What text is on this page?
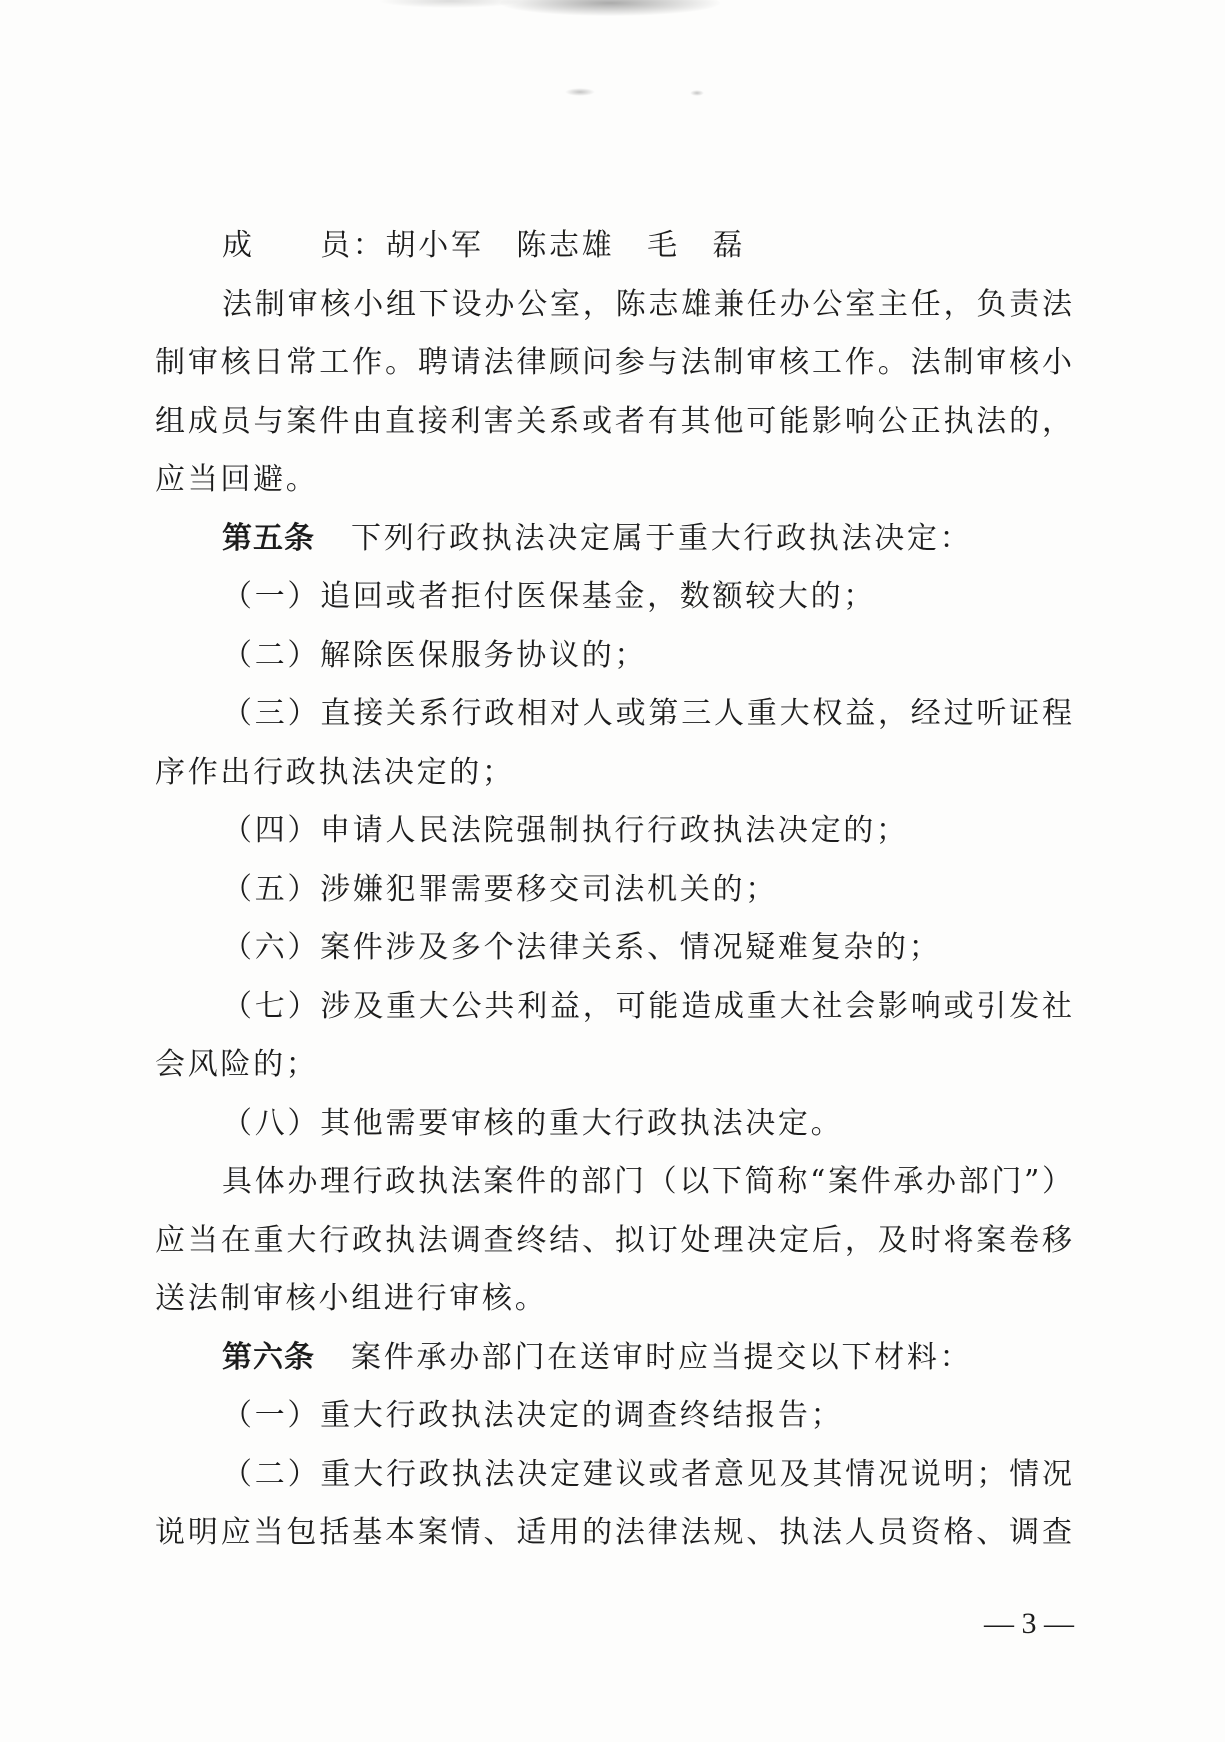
成　　员：胡小军　陈志雄　毛　磊
法制审核小组下设办公室，陈志雄兼任办公室主任，负责法
制审核日常工作。聘请法律顾问参与法制审核工作。法制审核小
组成员与案件由直接利害关系或者有其他可能影响公正执法的，
应当回避。
第五条 下列行政执法决定属于重大行政执法决定：
（一）追回或者拒付医保基金，数额较大的；
（二）解除医保服务协议的；
（三）直接关系行政相对人或第三人重大权益，经过听证程
序作出行政执法决定的；
（四）申请人民法院强制执行行政执法决定的；
（五）涉嫌犯罪需要移交司法机关的；
（六）案件涉及多个法律关系、情况疑难复杂的；
（七）涉及重大公共利益，可能造成重大社会影响或引发社
会风险的；
（八）其他需要审核的重大行政执法决定。
具体办理行政执法案件的部门（以下简称“案件承办部门”）
应当在重大行政执法调查终结、拟订处理决定后，及时将案卷移
送法制审核小组进行审核。
第六条 案件承办部门在送审时应当提交以下材料：
（一）重大行政执法决定的调查终结报告；
（二）重大行政执法决定建议或者意见及其情况说明；情况
说明应当包括基本案情、适用的法律法规、执法人员资格、调查
— 3 —
